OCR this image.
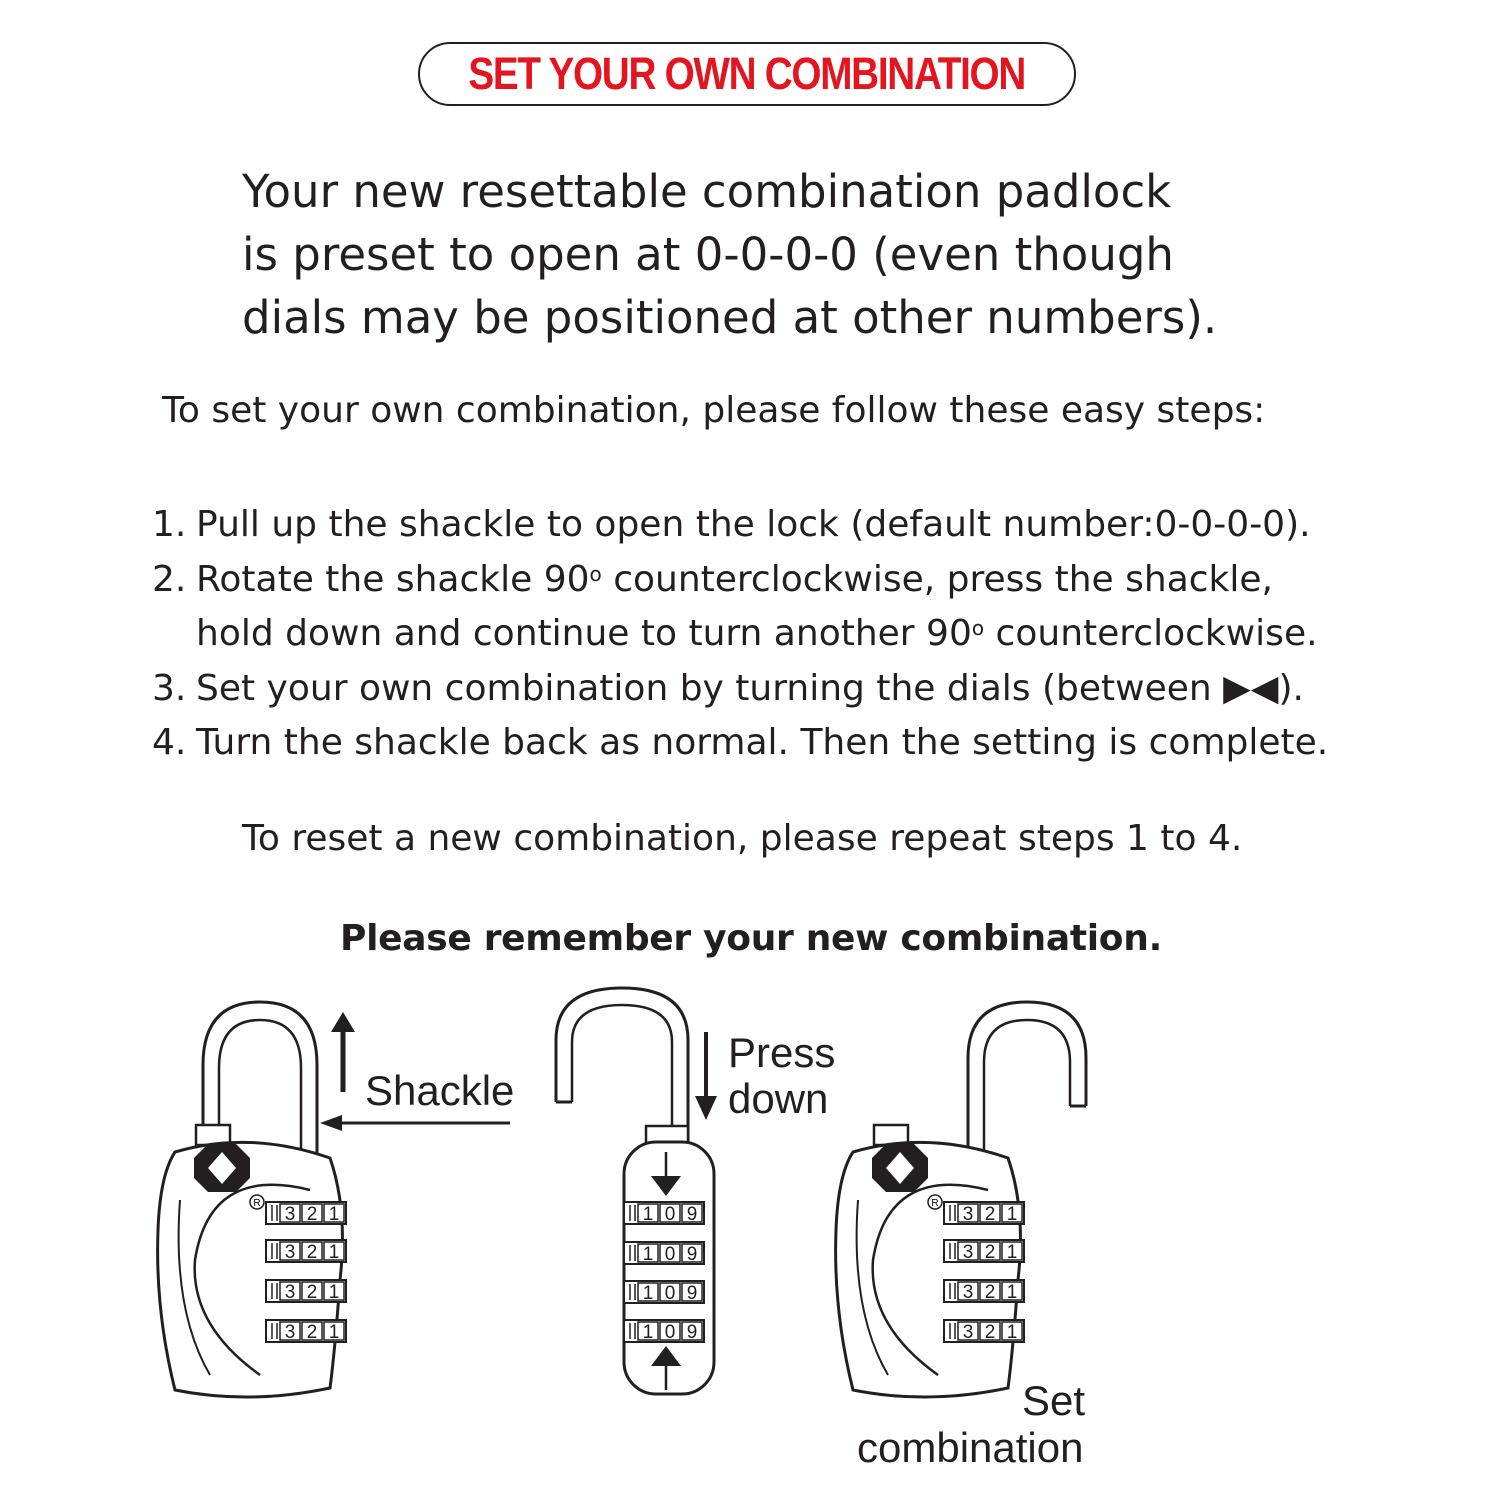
SET YOUR OWN COMBINATION
Your new resettable combination padlock
is preset to open at 0-0-0-0 (even though
dials may be positioned at other numbers).

To set your own combination, please follow these easy steps:

1. Pull up the shackle to open the lock (default number:0-0-0-0).
2. Rotate the shackle 90$^o$ counterclockwise, press the shackle,
hold down and continue to turn another 90$^o$ counterclockwise.
3. Set your own combination by turning the dials (between ▶◀).
4. Turn the shackle back as normal. Then the setting is complete.

To reset a new combination, please repeat steps 1 to 4.

Please remember your new combination.

R
3 2 1
3 2 1
3 2 1
3 2 1
Shackle
1 0 9
1 0 9
1 0 9
1 0 9
Press
down
R
3 2 1
3 2 1
3 2 1
3 2 1
Set
combination
